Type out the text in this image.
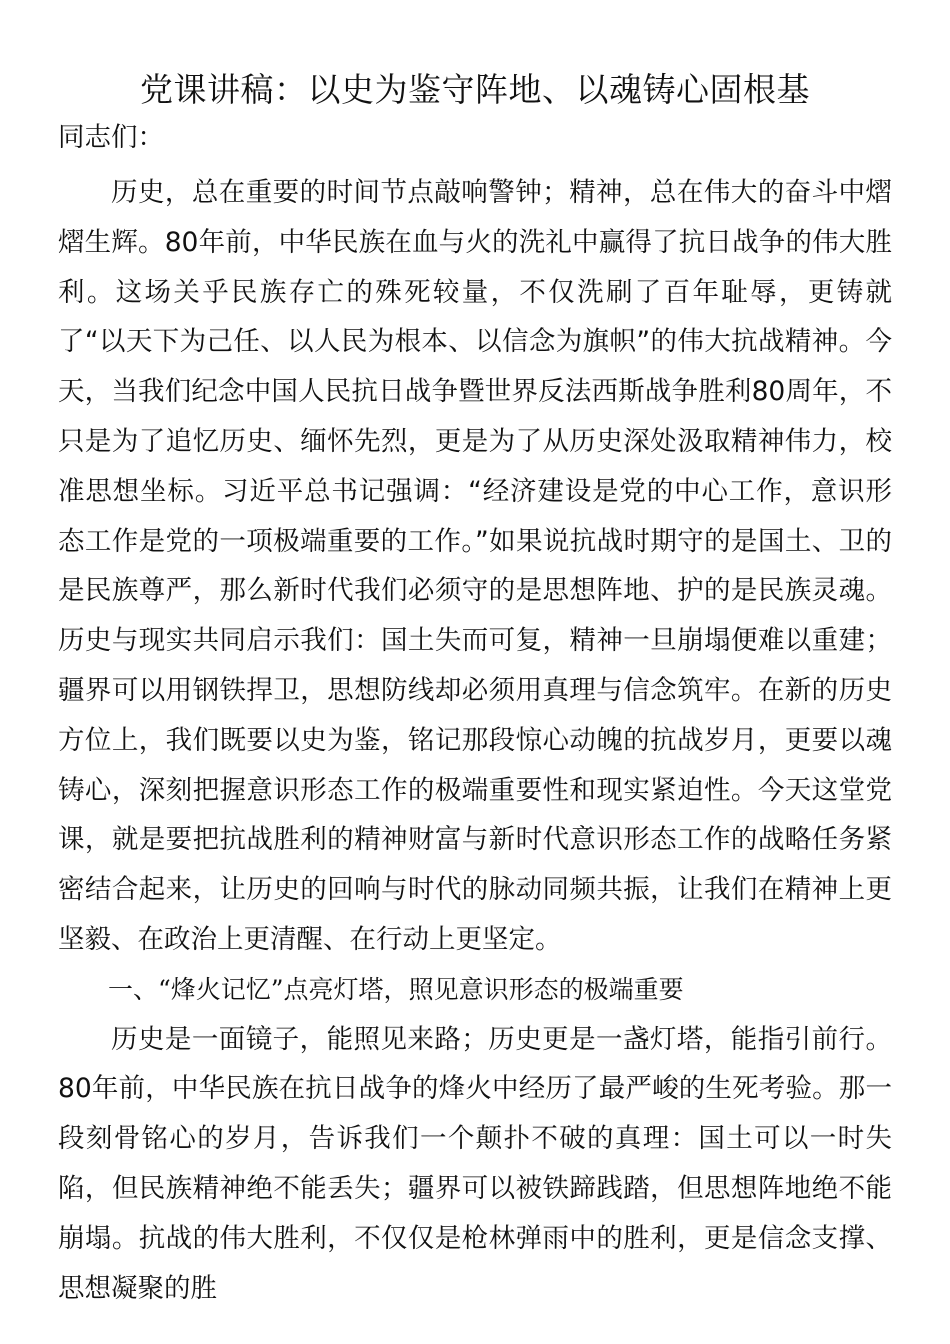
党课讲稿：以史为鉴守阵地、以魂铸心固根基

同志们：

历史，总在重要的时间节点敲响警钟；精神，总在伟大的奋斗中熠熠生辉。80年前，中华民族在血与火的洗礼中赢得了抗日战争的伟大胜利。这场关乎民族存亡的殊死较量，不仅洗刷了百年耻辱，更铸就了“以天下为己任、以人民为根本、以信念为旗帜”的伟大抗战精神。今天，当我们纪念中国人民抗日战争暨世界反法西斯战争胜利80周年，不只是为了追忆历史、缅怀先烈，更是为了从历史深处汲取精神伟力，校准思想坐标。习近平总书记强调：“经济建设是党的中心工作，意识形态工作是党的一项极端重要的工作。”如果说抗战时期守的是国土、卫的是民族尊严，那么新时代我们必须守的是思想阵地、护的是民族灵魂。历史与现实共同启示我们：国土失而可复，精神一旦崩塌便难以重建；疆界可以用钢铁捍卫，思想防线却必须用真理与信念筑牢。在新的历史方位上，我们既要以史为鉴，铭记那段惊心动魄的抗战岁月，更要以魂铸心，深刻把握意识形态工作的极端重要性和现实紧迫性。今天这堂党课，就是要把抗战胜利的精神财富与新时代意识形态工作的战略任务紧密结合起来，让历史的回响与时代的脉动同频共振，让我们在精神上更坚毅、在政治上更清醒、在行动上更坚定。

一、“烽火记忆”点亮灯塔，照见意识形态的极端重要

历史是一面镜子，能照见来路；历史更是一盏灯塔，能指引前行。80年前，中华民族在抗日战争的烽火中经历了最严峻的生死考验。那一段刻骨铭心的岁月，告诉我们一个颠扑不破的真理：国土可以一时失陷，但民族精神绝不能丢失；疆界可以被铁蹄践踏，但思想阵地绝不能崩塌。抗战的伟大胜利，不仅仅是枪林弹雨中的胜利，更是信念支撑、思想凝聚的胜
